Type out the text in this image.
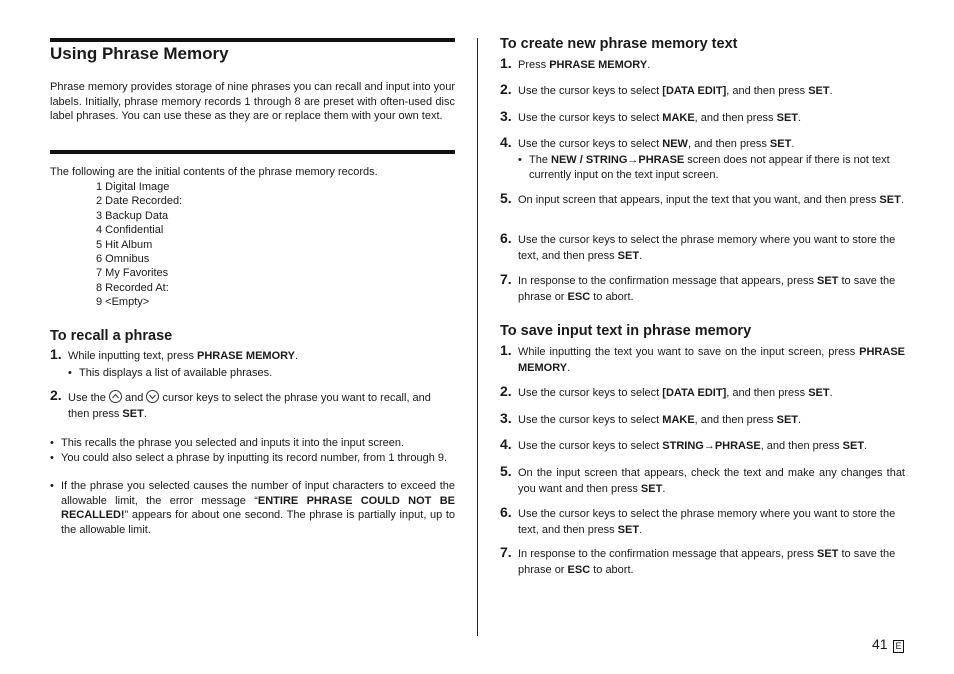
Using Phrase Memory
Phrase memory provides storage of nine phrases you can recall and input into your labels. Initially, phrase memory records 1 through 8 are preset with often-used disc label phrases. You can use these as they are or replace them with your own text.
The following are the initial contents of the phrase memory records.
1 Digital Image
2 Date Recorded:
3 Backup Data
4 Confidential
5 Hit Album
6 Omnibus
7 My Favorites
8 Recorded At:
9 <Empty>
To recall a phrase
1. While inputting text, press PHRASE MEMORY.
• This displays a list of available phrases.
2. Use the
and
cursor keys to select the phrase you want to recall, and then press SET.
• This recalls the phrase you selected and inputs it into the input screen.
• You could also select a phrase by inputting its record number, from 1 through 9.
• If the phrase you selected causes the number of input characters to exceed the allowable limit, the error message “ENTIRE PHRASE COULD NOT BE RECALLED!” appears for about one second. The phrase is partially input, up to the allowable limit.
To create new phrase memory text
1. Press PHRASE MEMORY.
2. Use the cursor keys to select [DATA EDIT], and then press SET.
3. Use the cursor keys to select MAKE, and then press SET.
4. Use the cursor keys to select NEW, and then press SET.
• The NEW / STRING→PHRASE screen does not appear if there is not text currently input on the text input screen.
5. On input screen that appears, input the text that you want, and then press SET.
6. Use the cursor keys to select the phrase memory where you want to store the text, and then press SET.
7. In response to the confirmation message that appears, press SET to save the phrase or ESC to abort.
To save input text in phrase memory
1. While inputting the text you want to save on the input screen, press PHRASE MEMORY.
2. Use the cursor keys to select [DATA EDIT], and then press SET.
3. Use the cursor keys to select MAKE, and then press SET.
4. Use the cursor keys to select STRING→PHRASE, and then press SET.
5. On the input screen that appears, check the text and make any changes that you want and then press SET.
6. Use the cursor keys to select the phrase memory where you want to store the text, and then press SET.
7. In response to the confirmation message that appears, press SET to save the phrase or ESC to abort.
41 E
